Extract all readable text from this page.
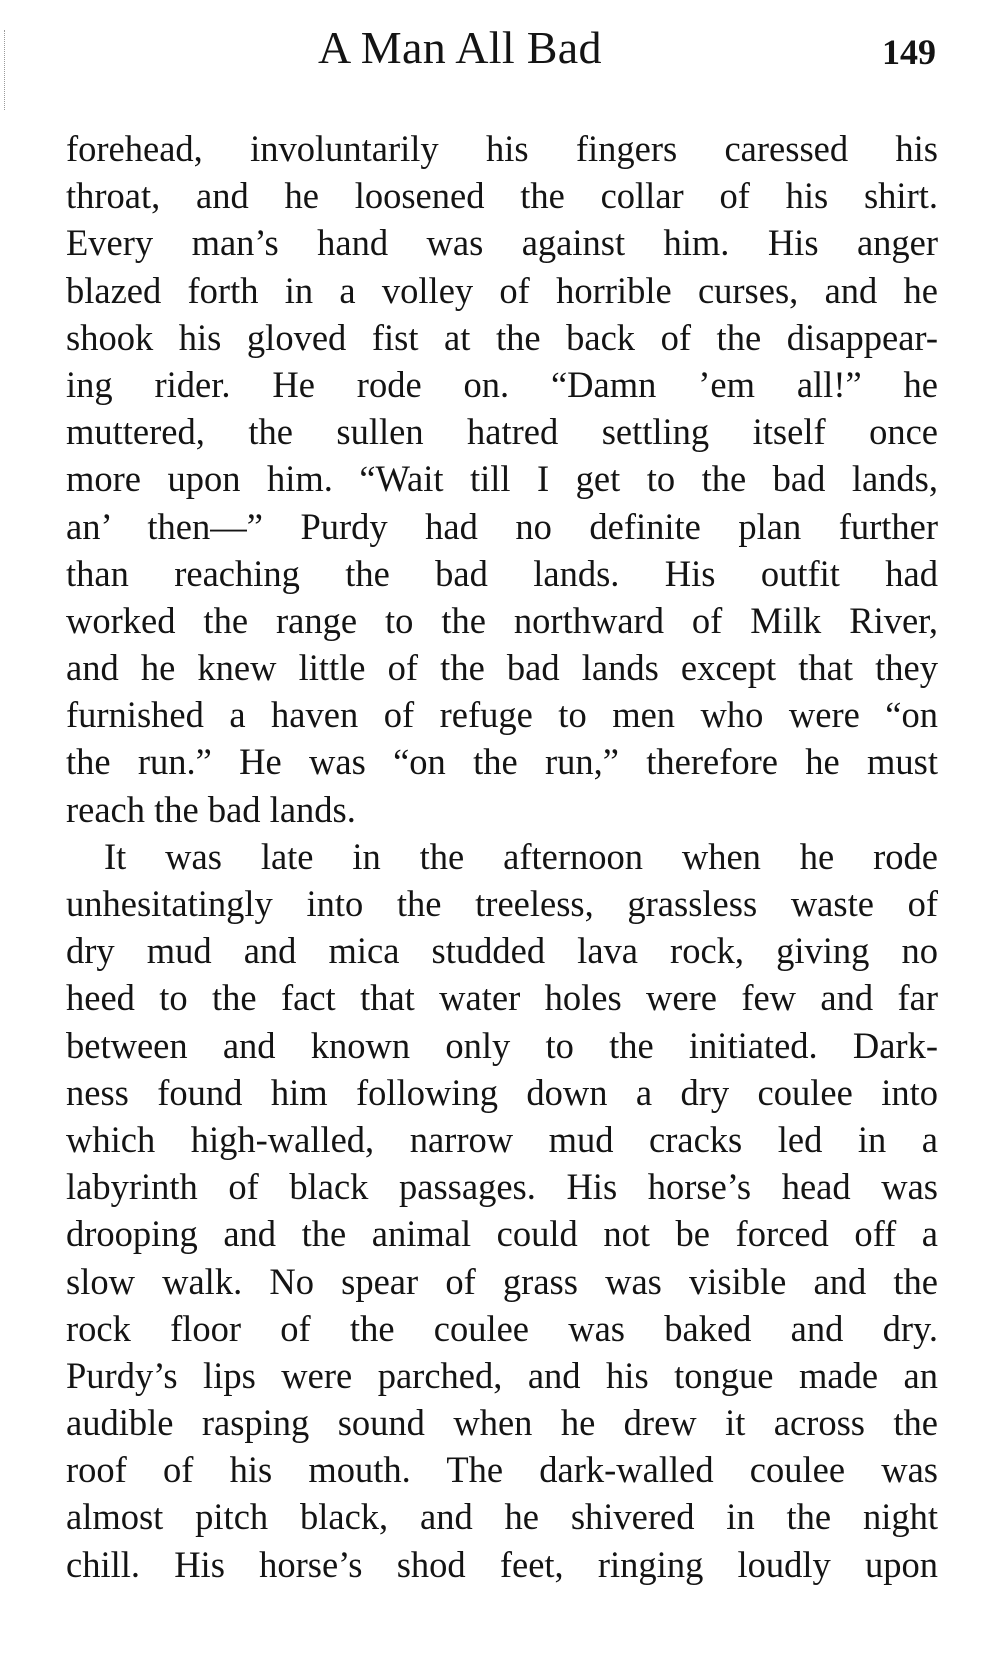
A Man All Bad	149
forehead, involuntarily his fingers caressed his
throat, and he loosened the collar of his shirt.
Every man’s hand was against him. His anger
blazed forth in a volley of horrible curses, and he
shook his gloved fist at the back of the disappear-
ing rider. He rode on. “Damn ’em all!” he
muttered, the sullen hatred settling itself once
more upon him. “Wait till I get to the bad lands,
an’ then—” Purdy had no definite plan further
than reaching the bad lands. His outfit had
worked the range to the northward of Milk River,
and he knew little of the bad lands except that they
furnished a haven of refuge to men who were “on
the run.” He was “on the run,” therefore he must
reach the bad lands.
It was late in the afternoon when he rode
unhesitatingly into the treeless, grassless waste of
dry mud and mica studded lava rock, giving no
heed to the fact that water holes were few and far
between and known only to the initiated. Dark-
ness found him following down a dry coulee into
which high-walled, narrow mud cracks led in a
labyrinth of black passages. His horse’s head was
drooping and the animal could not be forced off a
slow walk. No spear of grass was visible and the
rock floor of the coulee was baked and dry.
Purdy’s lips were parched, and his tongue made an
audible rasping sound when he drew it across the
roof of his mouth. The dark-walled coulee was
almost pitch black, and he shivered in the night
chill. His horse’s shod feet, ringing loudly upon
